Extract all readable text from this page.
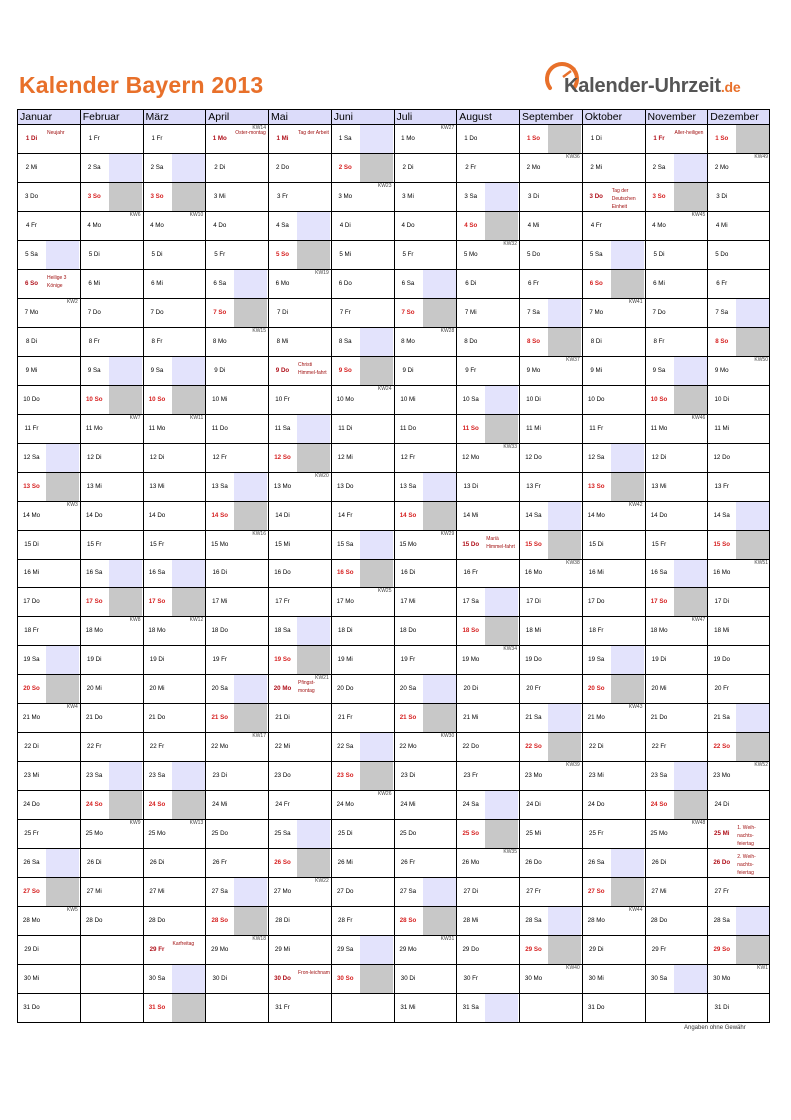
Kalender Bayern 2013	Kalender-Uhrzeit.de
Januar
1 Di
Neujahr
2 Mi
3 Do
4 Fr
5 Sa
6 So
Heilige 3 Könige
7 Mo
KW2
8 Di
9 Mi
10 Do
11 Fr
12 Sa
13 So
14 Mo
KW3
15 Di
16 Mi
17 Do
18 Fr
19 Sa
20 So
21 Mo
KW4
22 Di
23 Mi
24 Do
25 Fr
26 Sa
27 So
28 Mo
KW5
29 Di
30 Mi
31 Do
Februar
1 Fr
2 Sa
3 So
4 Mo
KW6
5 Di
6 Mi
7 Do
8 Fr
9 Sa
10 So
11 Mo
KW7
12 Di
13 Mi
14 Do
15 Fr
16 Sa
17 So
18 Mo
KW8
19 Di
20 Mi
21 Do
22 Fr
23 Sa
24 So
25 Mo
KW9
26 Di
27 Mi
28 Do
März
1 Fr
2 Sa
3 So
4 Mo
KW10
5 Di
6 Mi
7 Do
8 Fr
9 Sa
10 So
11 Mo
KW11
12 Di
13 Mi
14 Do
15 Fr
16 Sa
17 So
18 Mo
KW12
19 Di
20 Mi
21 Do
22 Fr
23 Sa
24 So
25 Mo
KW13
26 Di
27 Mi
28 Do
29 Fr
Karfreitag
30 Sa
31 So
April
1 Mo
Oster-montag
KW14
2 Di
3 Mi
4 Do
5 Fr
6 Sa
7 So
8 Mo
KW15
9 Di
10 Mi
11 Do
12 Fr
13 Sa
14 So
15 Mo
KW16
16 Di
17 Mi
18 Do
19 Fr
20 Sa
21 So
22 Mo
KW17
23 Di
24 Mi
25 Do
26 Fr
27 Sa
28 So
29 Mo
KW18
30 Di
Mai
1 Mi
Tag der Arbeit
2 Do
3 Fr
4 Sa
5 So
6 Mo
KW19
7 Di
8 Mi
9 Do
Christi Himmel-fahrt
10 Fr
11 Sa
12 So
13 Mo
KW20
14 Di
15 Mi
16 Do
17 Fr
18 Sa
19 So
20 Mo
Pfingst-montag
KW21
21 Di
22 Mi
23 Do
24 Fr
25 Sa
26 So
27 Mo
KW22
28 Di
29 Mi
30 Do
Fron-leichnam
31 Fr
Juni
1 Sa
2 So
3 Mo
KW23
4 Di
5 Mi
6 Do
7 Fr
8 Sa
9 So
10 Mo
KW24
11 Di
12 Mi
13 Do
14 Fr
15 Sa
16 So
17 Mo
KW25
18 Di
19 Mi
20 Do
21 Fr
22 Sa
23 So
24 Mo
KW26
25 Di
26 Mi
27 Do
28 Fr
29 Sa
30 So
Juli
1 Mo
KW27
2 Di
3 Mi
4 Do
5 Fr
6 Sa
7 So
8 Mo
KW28
9 Di
10 Mi
11 Do
12 Fr
13 Sa
14 So
15 Mo
KW29
16 Di
17 Mi
18 Do
19 Fr
20 Sa
21 So
22 Mo
KW30
23 Di
24 Mi
25 Do
26 Fr
27 Sa
28 So
29 Mo
KW31
30 Di
31 Mi
August
1 Do
2 Fr
3 Sa
4 So
5 Mo
KW32
6 Di
7 Mi
8 Do
9 Fr
10 Sa
11 So
12 Mo
KW33
13 Di
14 Mi
15 Do
Mariä Himmel-fahrt
16 Fr
17 Sa
18 So
19 Mo
KW34
20 Di
21 Mi
22 Do
23 Fr
24 Sa
25 So
26 Mo
KW35
27 Di
28 Mi
29 Do
30 Fr
31 Sa
September
1 So
2 Mo
KW36
3 Di
4 Mi
5 Do
6 Fr
7 Sa
8 So
9 Mo
KW37
10 Di
11 Mi
12 Do
13 Fr
14 Sa
15 So
16 Mo
KW38
17 Di
18 Mi
19 Do
20 Fr
21 Sa
22 So
23 Mo
KW39
24 Di
25 Mi
26 Do
27 Fr
28 Sa
29 So
30 Mo
KW40
Oktober
1 Di
2 Mi
3 Do
Tag der Deutschen Einheit
4 Fr
5 Sa
6 So
7 Mo
KW41
8 Di
9 Mi
10 Do
11 Fr
12 Sa
13 So
14 Mo
KW42
15 Di
16 Mi
17 Do
18 Fr
19 Sa
20 So
21 Mo
KW43
22 Di
23 Mi
24 Do
25 Fr
26 Sa
27 So
28 Mo
KW44
29 Di
30 Mi
31 Do
November
1 Fr
Aller-heiligen
2 Sa
3 So
4 Mo
KW45
5 Di
6 Mi
7 Do
8 Fr
9 Sa
10 So
11 Mo
KW46
12 Di
13 Mi
14 Do
15 Fr
16 Sa
17 So
18 Mo
KW47
19 Di
20 Mi
21 Do
22 Fr
23 Sa
24 So
25 Mo
KW48
26 Di
27 Mi
28 Do
29 Fr
30 Sa
Dezember
1 So
2 Mo
KW49
3 Di
4 Mi
5 Do
6 Fr
7 Sa
8 So
9 Mo
KW50
10 Di
11 Mi
12 Do
13 Fr
14 Sa
15 So
16 Mo
KW51
17 Di
18 Mi
19 Do
20 Fr
21 Sa
22 So
23 Mo
KW52
24 Di
25 Mi
1. Weih-nachts-feiertag
26 Do
2. Weih-nachts-feiertag
27 Fr
28 Sa
29 So
30 Mo
KW1
31 Di
Angaben ohne Gewähr
